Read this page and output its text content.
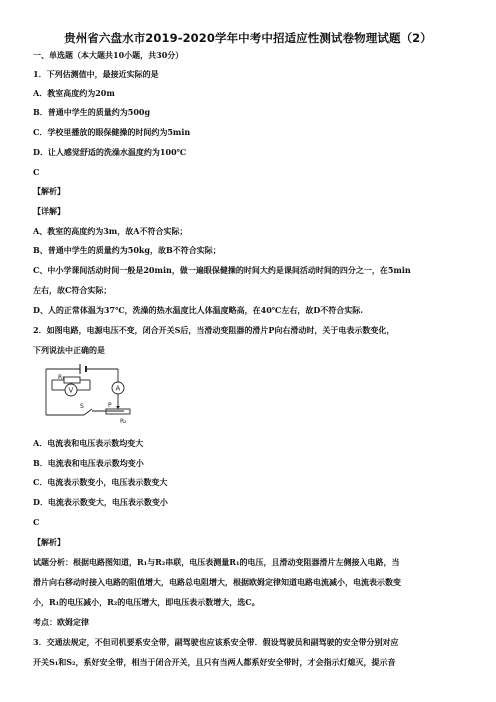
贵州省六盘水市2019-2020学年中考中招适应性测试卷物理试题（2）
一、单选题（本大题共10小题，共30分）
1．下列估测值中，最接近实际的是
A．教室高度约为20m
B．普通中学生的质量约为500g
C．学校里播放的眼保健操的时间约为5min
D．让人感觉舒适的洗澡水温度约为100℃
C
【解析】
【详解】
A、教室的高度约为3m，故A不符合实际；
B、普通中学生的质量约为50kg，故B不符合实际；
C、中小学课间活动时间一般是20min，做一遍眼保健操的时间大约是课间活动时间的四分之一，在5min
左右，故C符合实际；
D、人的正常体温为37℃，洗澡的热水温度比人体温度略高，在40℃左右，故D不符合实际.
2．如图电路，电源电压不变，闭合开关S后，当滑动变阻器的滑片P向右滑动时，关于电表示数变化，
下列说法中正确的是
R₁
V	A
S	P
R₂
A．电流表和电压表示数均变大
B．电流表和电压表示数均变小
C．电流表示数变小，电压表示数变大
D．电流表示数变大，电压表示数变小
C
【解析】
试题分析：根据电路图知道，R₁与R₂串联，电压表测量R₁的电压，且滑动变阻器滑片左侧接入电路，当
滑片向右移动时接入电路的阻值增大，电路总电阻增大，根据欧姆定律知道电路电流减小，电流表示数变
小，R₁的电压减小，R₂的电压增大，即电压表示数增大，选C。
考点：欧姆定律
3．交通法规定，不但司机要系安全带，副驾驶也应该系安全带．假设驾驶员和副驾驶的安全带分别对应
开关S₁和S₂，系好安全带，相当于闭合开关，且只有当两人都系好安全带时，才会指示灯熄灭，提示音
